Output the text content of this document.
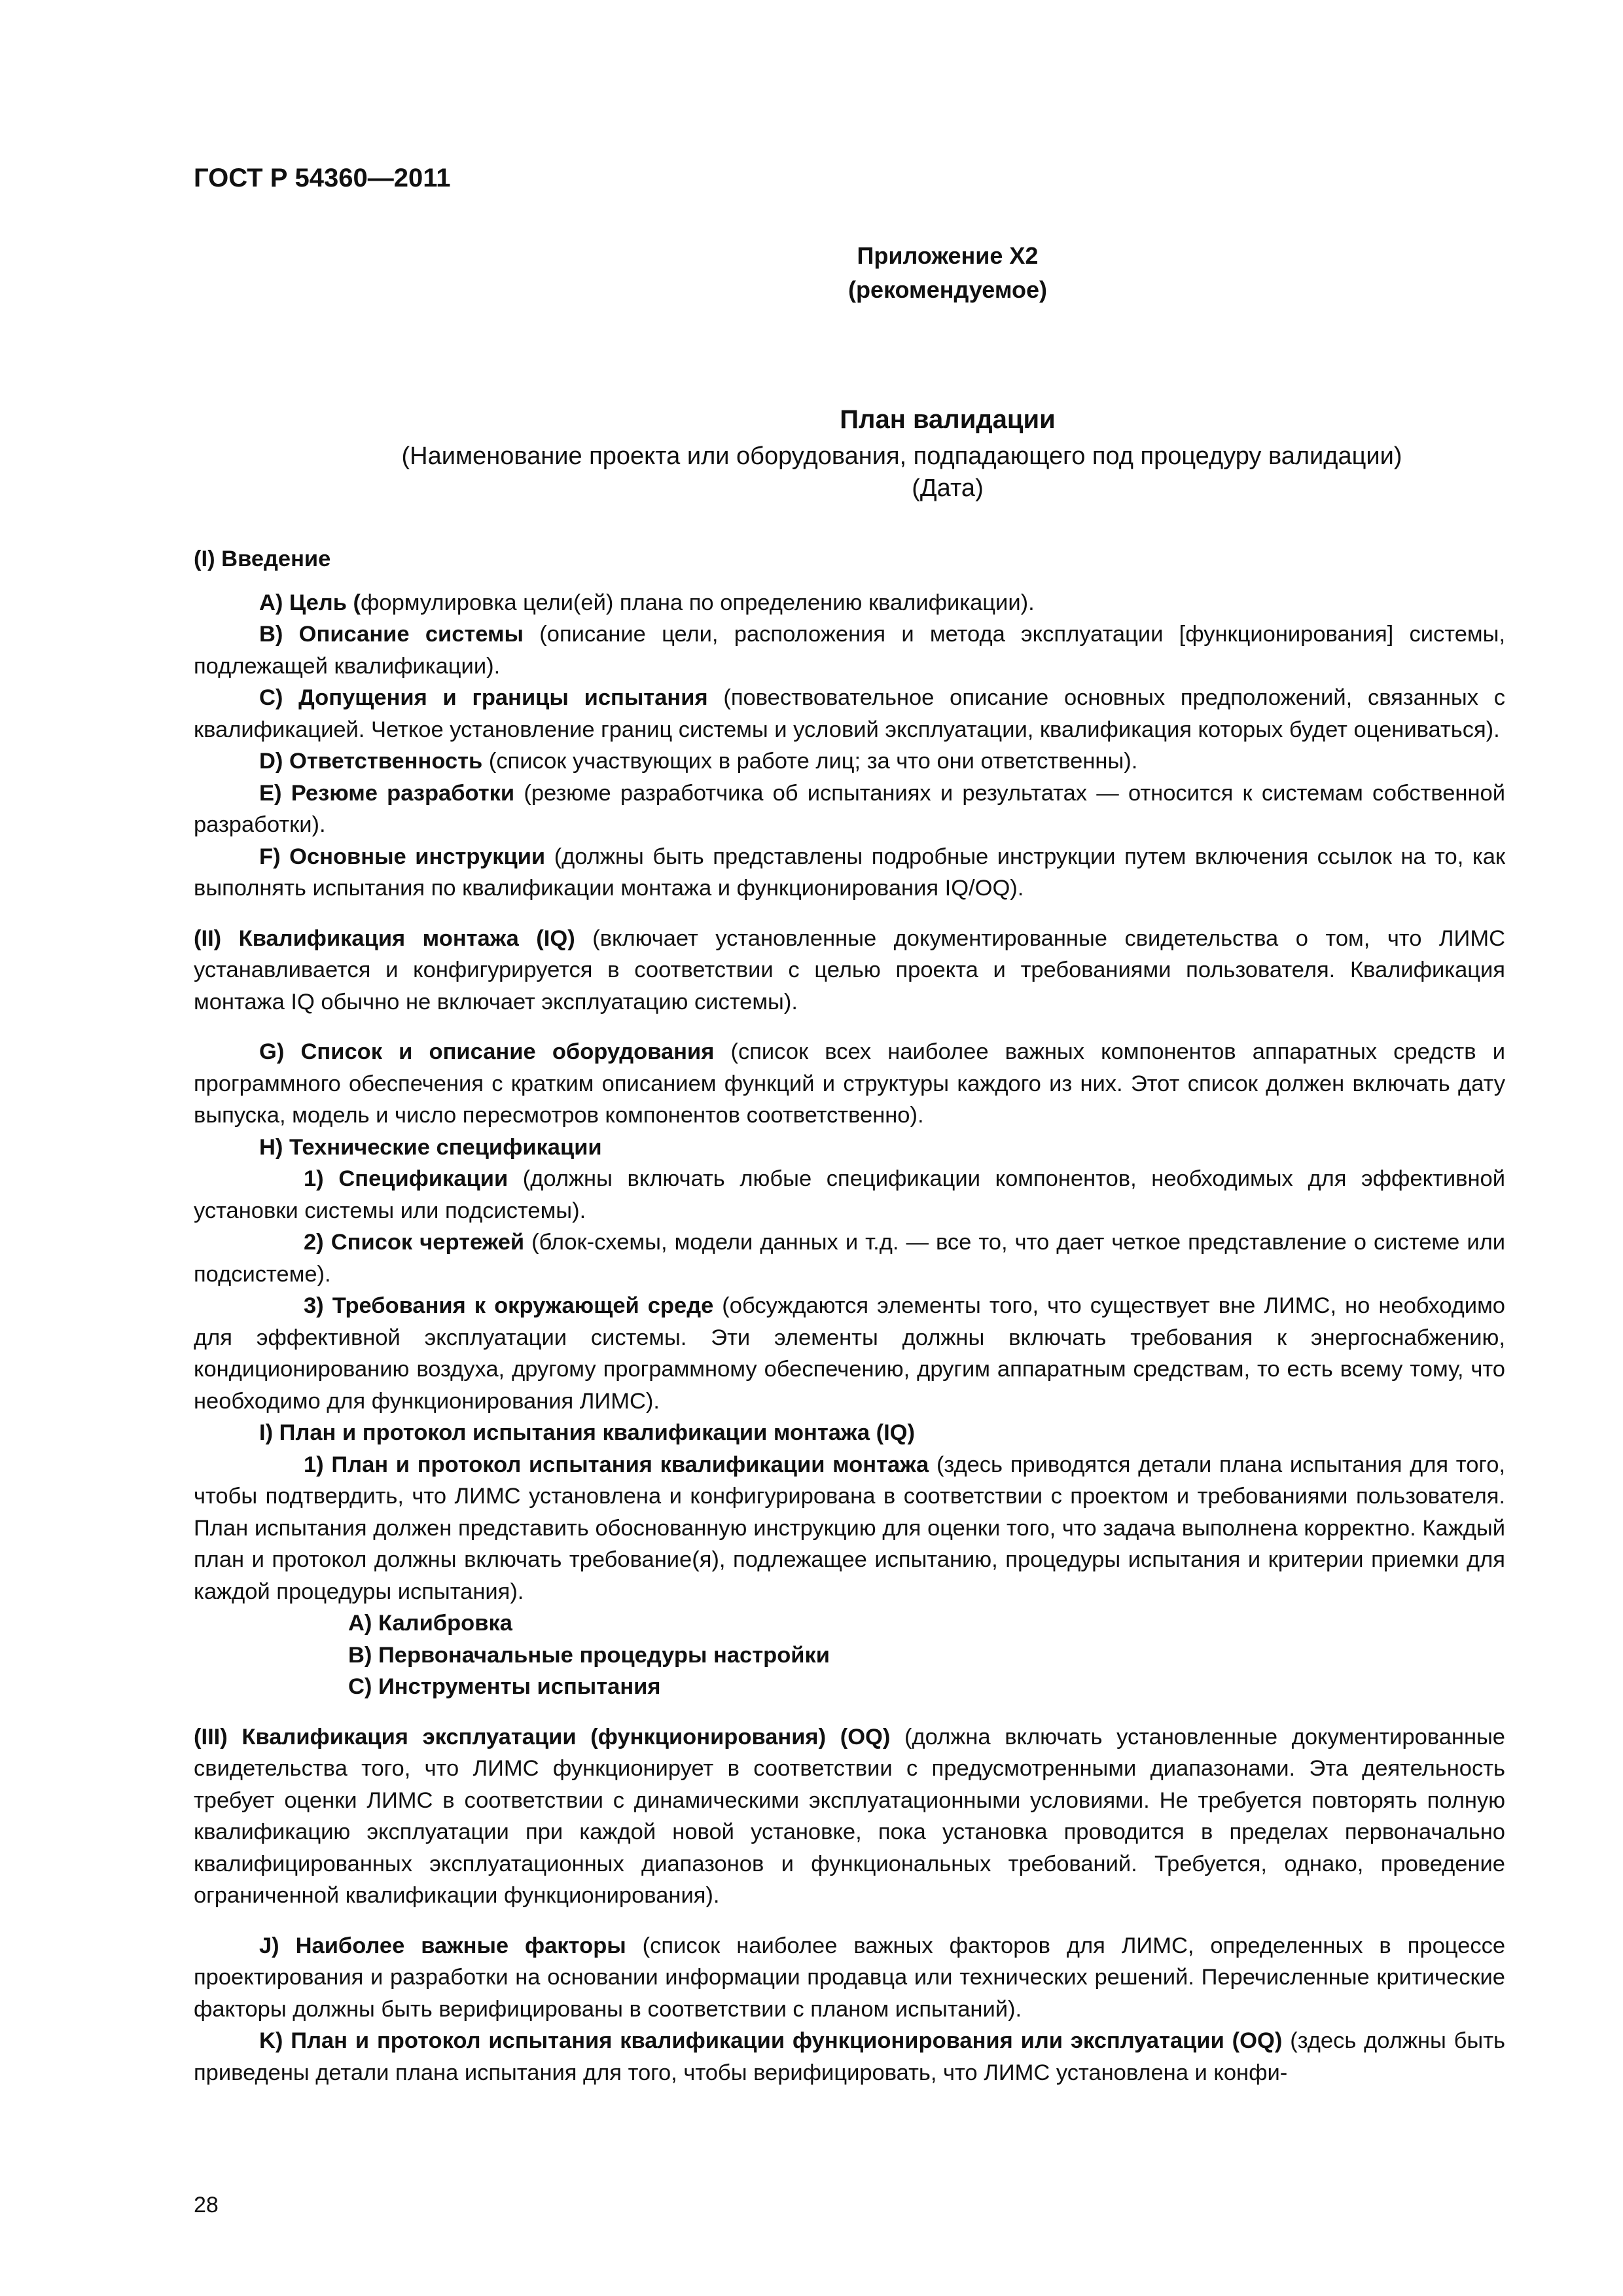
ГОСТ Р 54360—2011
Приложение Х2
(рекомендуемое)
План валидации
(Наименование проекта или оборудования, подпадающего под процедуру валидации)
(Дата)

(I) Введение

A) Цель (формулировка цели(ей) плана по определению квалификации).

B) Описание системы (описание цели, расположения и метода эксплуатации [функционирования] системы, подлежащей квалификации).

C) Допущения и границы испытания (повествовательное описание основных предположений, связанных с квалификацией. Четкое установление границ системы и условий эксплуатации, квалификация которых будет оцениваться).

D) Ответственность (список участвующих в работе лиц; за что они ответственны).

E) Резюме разработки (резюме разработчика об испытаниях и результатах — относится к системам собственной разработки).

F) Основные инструкции (должны быть представлены подробные инструкции путем включения ссылок на то, как выполнять испытания по квалификации монтажа и функционирования IQ/OQ).

(II) Квалификация монтажа (IQ) (включает установленные документированные свидетельства о том, что ЛИМС устанавливается и конфигурируется в соответствии с целью проекта и требованиями пользователя. Квалификация монтажа IQ обычно не включает эксплуатацию системы).

G) Список и описание оборудования (список всех наиболее важных компонентов аппаратных средств и программного обеспечения с кратким описанием функций и структуры каждого из них. Этот список должен включать дату выпуска, модель и число пересмотров компонентов соответственно).

H) Технические спецификации

1) Спецификации (должны включать любые спецификации компонентов, необходимых для эффективной установки системы или подсистемы).

2) Список чертежей (блок-схемы, модели данных и т.д. — все то, что дает четкое представление о системе или подсистеме).

3) Требования к окружающей среде (обсуждаются элементы того, что существует вне ЛИМС, но необходимо для эффективной эксплуатации системы. Эти элементы должны включать требования к энергоснабжению, кондиционированию воздуха, другому программному обеспечению, другим аппаратным средствам, то есть всему тому, что необходимо для функционирования ЛИМС).

I) План и протокол испытания квалификации монтажа (IQ)

1) План и протокол испытания квалификации монтажа (здесь приводятся детали плана испытания для того, чтобы подтвердить, что ЛИМС установлена и конфигурирована в соответствии с проектом и требованиями пользователя. План испытания должен представить обоснованную инструкцию для оценки того, что задача выполнена корректно. Каждый план и протокол должны включать требование(я), подлежащее испытанию, процедуры испытания и критерии приемки для каждой процедуры испытания).

A) Калибровка

B) Первоначальные процедуры настройки

C) Инструменты испытания

(III) Квалификация эксплуатации (функционирования) (OQ) (должна включать установленные документированные свидетельства того, что ЛИМС функционирует в соответствии с предусмотренными диапазонами. Эта деятельность требует оценки ЛИМС в соответствии с динамическими эксплуатационными условиями. Не требуется повторять полную квалификацию эксплуатации при каждой новой установке, пока установка проводится в пределах первоначально квалифицированных эксплуатационных диапазонов и функциональных требований. Требуется, однако, проведение ограниченной квалификации функционирования).

J) Наиболее важные факторы (список наиболее важных факторов для ЛИМС, определенных в процессе проектирования и разработки на основании информации продавца или технических решений. Перечисленные критические факторы должны быть верифицированы в соответствии с планом испытаний).

K) План и протокол испытания квалификации функционирования или эксплуатации (OQ) (здесь должны быть приведены детали плана испытания для того, чтобы верифицировать, что ЛИМС установлена и конфи-

28
